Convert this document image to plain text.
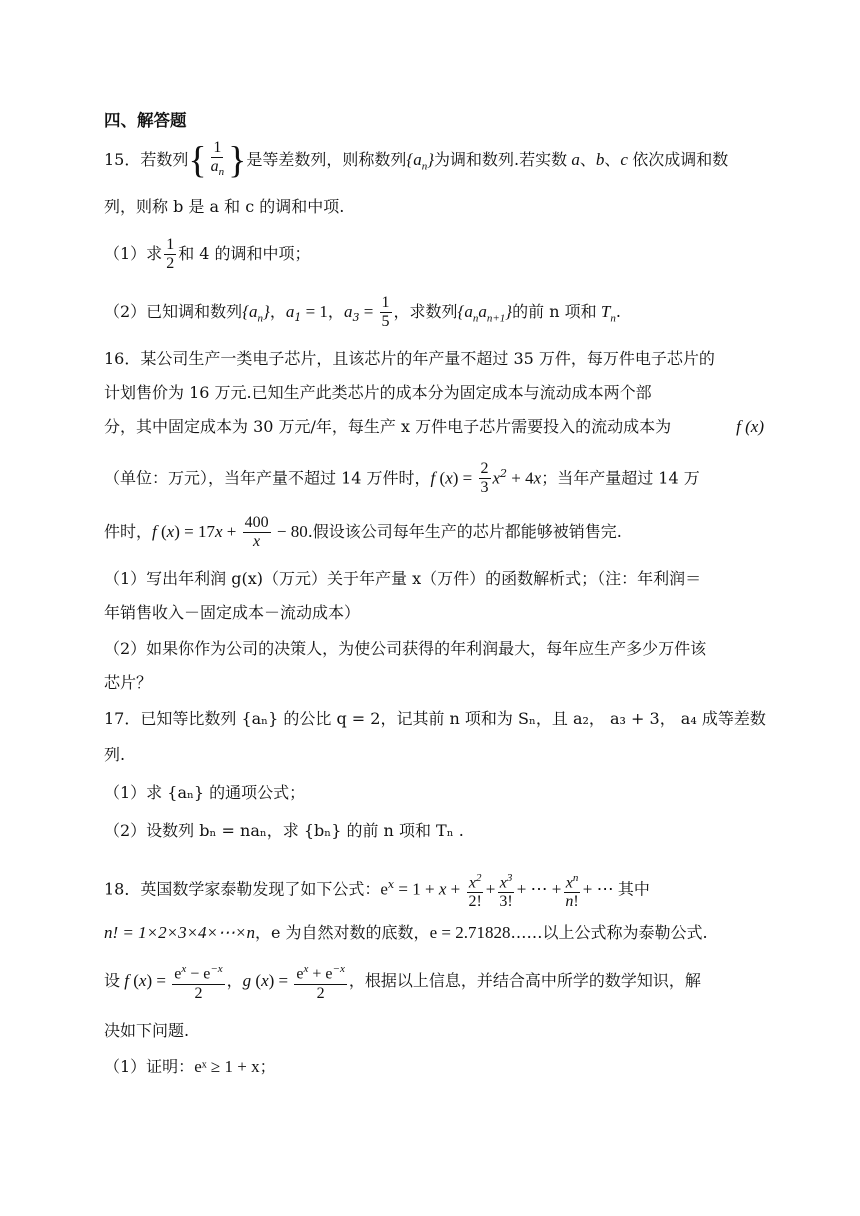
四、解答题
15．若数列{ $\frac{1}{a_n}$ }是等差数列，则称数列$\{a_n\}$为调和数列.若实数 a、b、c 依次成调和数
列，则称 b 是 a 和 c 的调和中项.
（1）求 $\frac{1}{2}$ 和 4 的调和中项；
（2）已知调和数列$\{a_n\}$，$a_1 = 1$，$a_3 = \frac{1}{5}$ ，求数列$\{a_na_{n+1}\}$的前 n 项和 $T_n$.
16．某公司生产一类电子芯片，且该芯片的年产量不超过 35 万件，每万件电子芯片的
计划售价为 16 万元.已知生产此类芯片的成本分为固定成本与流动成本两个部
分，其中固定成本为 30 万元/年，每生产 x 万件电子芯片需要投入的流动成本为	f (x)
（单位：万元），当年产量不超过 14 万件时，f $(x) = \frac{2}{3} x^2 + 4x$；当年产量超过 14 万
件时，f $(x) = 17x + \frac{400}{x} - 80$.假设该公司每年生产的芯片都能够被销售完.
（1）写出年利润 g(x)（万元）关于年产量 x（万件）的函数解析式；（注：年利润＝
年销售收入－固定成本－流动成本）
（2）如果你作为公司的决策人，为使公司获得的年利润最大，每年应生产多少万件该
芯片？
17．已知等比数列 {aₙ} 的公比 q = 2，记其前 n 项和为 Sₙ，且 a₂， a₃ + 3， a₄ 成等差数
列.
（1）求 {aₙ} 的通项公式；
（2）设数列 bₙ = naₙ，求 {bₙ} 的前 n 项和 Tₙ .
18．英国数学家泰勒发现了如下公式：$e^x = 1 + x + \frac{x^2}{2!} + \frac{x^3}{3!}$ + ⋯ + $\frac{x^n}{n!}$ + ⋯ 其中
n! = 1×2×3×4×⋯×n，e 为自然对数的底数，e = 2.71828……以上公式称为泰勒公式.
设 f $(x) = \frac{e^x - e^{-x}}{2}$ ，g $(x) = \frac{e^x + e^{-x}}{2}$ ，根据以上信息，并结合高中所学的数学知识，解
决如下问题.
（1）证明：eˣ ≥ 1 + x；
